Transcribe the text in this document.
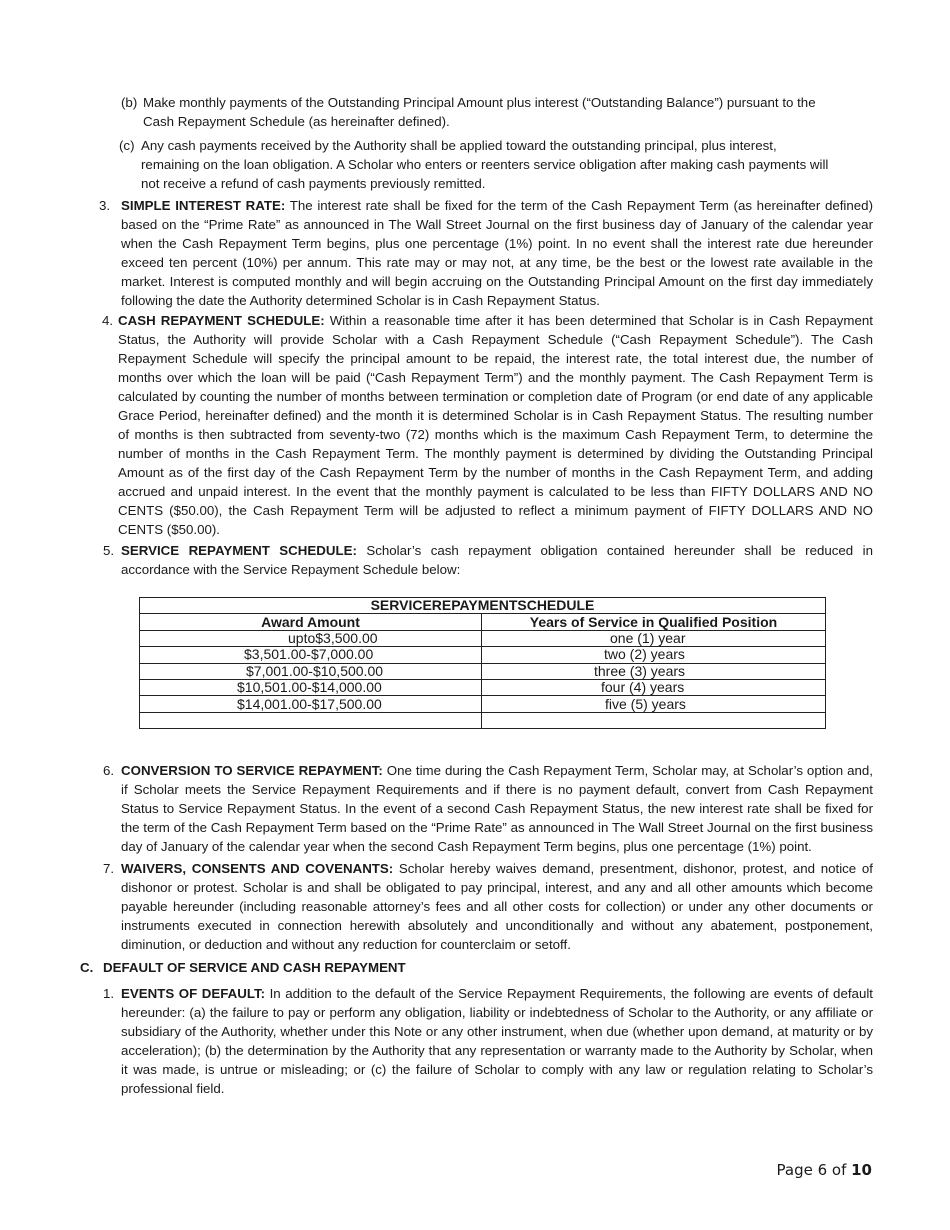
(b) Make monthly payments of the Outstanding Principal Amount plus interest (“Outstanding Balance”) pursuant to the Cash Repayment Schedule (as hereinafter defined).
(c) Any cash payments received by the Authority shall be applied toward the outstanding principal, plus interest, remaining on the loan obligation. A Scholar who enters or reenters service obligation after making cash payments will not receive a refund of cash payments previously remitted.
3. SIMPLE INTEREST RATE: The interest rate shall be fixed for the term of the Cash Repayment Term (as hereinafter defined) based on the “Prime Rate” as announced in The Wall Street Journal on the first business day of January of the calendar year when the Cash Repayment Term begins, plus one percentage (1%) point. In no event shall the interest rate due hereunder exceed ten percent (10%) per annum. This rate may or may not, at any time, be the best or the lowest rate available in the market. Interest is computed monthly and will begin accruing on the Outstanding Principal Amount on the first day immediately following the date the Authority determined Scholar is in Cash Repayment Status.
4. CASH REPAYMENT SCHEDULE: Within a reasonable time after it has been determined that Scholar is in Cash Repayment Status, the Authority will provide Scholar with a Cash Repayment Schedule (“Cash Repayment Schedule”). The Cash Repayment Schedule will specify the principal amount to be repaid, the interest rate, the total interest due, the number of months over which the loan will be paid (“Cash Repayment Term”) and the monthly payment. The Cash Repayment Term is calculated by counting the number of months between termination or completion date of Program (or end date of any applicable Grace Period, hereinafter defined) and the month it is determined Scholar is in Cash Repayment Status. The resulting number of months is then subtracted from seventy-two (72) months which is the maximum Cash Repayment Term, to determine the number of months in the Cash Repayment Term. The monthly payment is determined by dividing the Outstanding Principal Amount as of the first day of the Cash Repayment Term by the number of months in the Cash Repayment Term, and adding accrued and unpaid interest. In the event that the monthly payment is calculated to be less than FIFTY DOLLARS AND NO CENTS ($50.00), the Cash Repayment Term will be adjusted to reflect a minimum payment of FIFTY DOLLARS AND NO CENTS ($50.00).
5. SERVICE REPAYMENT SCHEDULE: Scholar’s cash repayment obligation contained hereunder shall be reduced in accordance with the Service Repayment Schedule below:
SERVICEREPAYMENTSCHEDULE	
Award Amount	Years of Service in Qualified Position
upto$3,500.00	one (1) year
$3,501.00-$7,000.00	two (2) years
$7,001.00-$10,500.00	three (3) years
$10,501.00-$14,000.00	four (4) years
$14,001.00-$17,500.00	five (5) years

6. CONVERSION TO SERVICE REPAYMENT: One time during the Cash Repayment Term, Scholar may, at Scholar’s option and, if Scholar meets the Service Repayment Requirements and if there is no payment default, convert from Cash Repayment Status to Service Repayment Status. In the event of a second Cash Repayment Status, the new interest rate shall be fixed for the term of the Cash Repayment Term based on the “Prime Rate” as announced in The Wall Street Journal on the first business day of January of the calendar year when the second Cash Repayment Term begins, plus one percentage (1%) point.
7. WAIVERS, CONSENTS AND COVENANTS: Scholar hereby waives demand, presentment, dishonor, protest, and notice of dishonor or protest. Scholar is and shall be obligated to pay principal, interest, and any and all other amounts which become payable hereunder (including reasonable attorney’s fees and all other costs for collection) or under any other documents or instruments executed in connection herewith absolutely and unconditionally and without any abatement, postponement, diminution, or deduction and without any reduction for counterclaim or setoff.
C. DEFAULT OF SERVICE AND CASH REPAYMENT
1. EVENTS OF DEFAULT: In addition to the default of the Service Repayment Requirements, the following are events of default hereunder: (a) the failure to pay or perform any obligation, liability or indebtedness of Scholar to the Authority, or any affiliate or subsidiary of the Authority, whether under this Note or any other instrument, when due (whether upon demand, at maturity or by acceleration); (b) the determination by the Authority that any representation or warranty made to the Authority by Scholar, when it was made, is untrue or misleading; or (c) the failure of Scholar to comply with any law or regulation relating to Scholar’s professional field.
Page 6 of 10
